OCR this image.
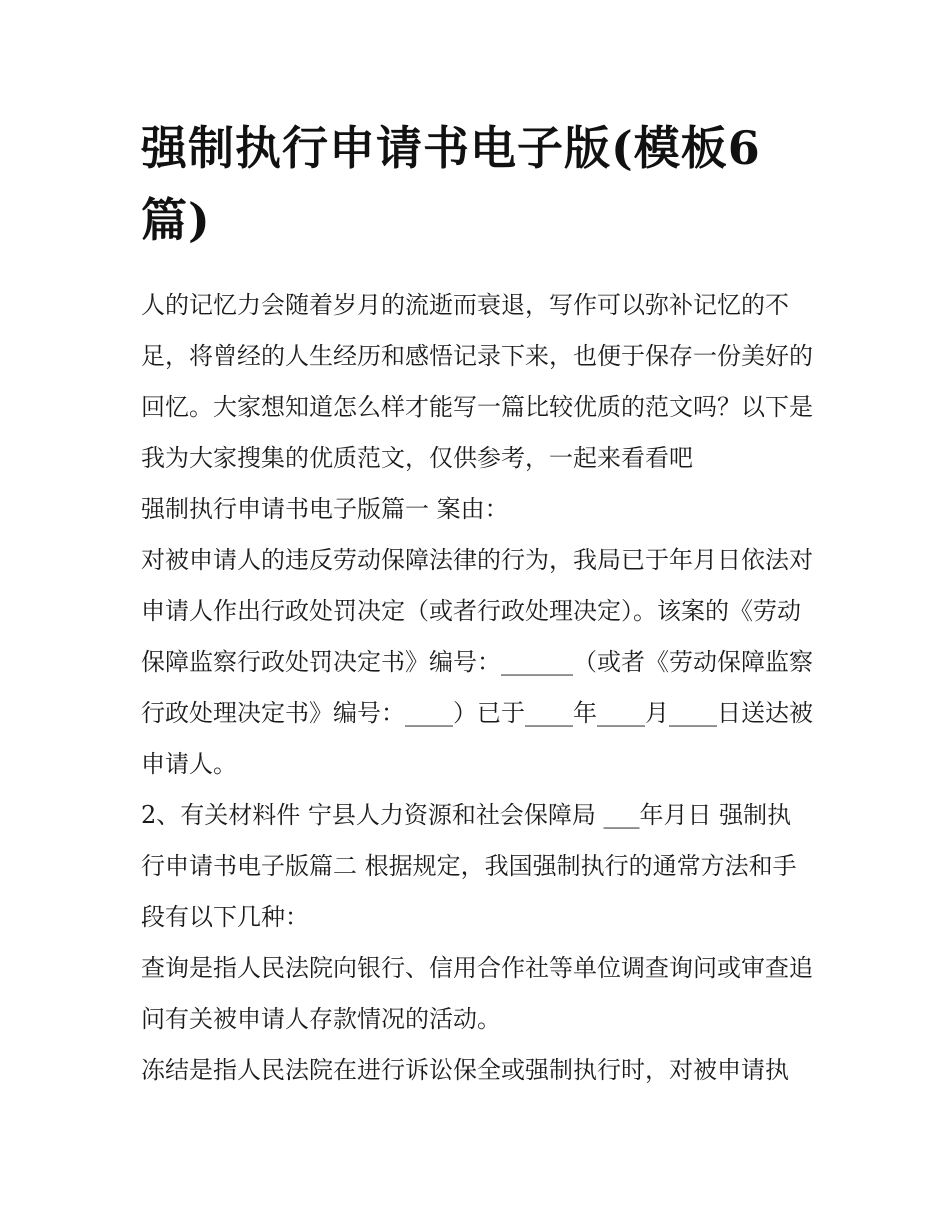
强制执行申请书电子版(模板6篇)

人的记忆力会随着岁月的流逝而衰退，写作可以弥补记忆的不足，将曾经的人生经历和感悟记录下来，也便于保存一份美好的回忆。大家想知道怎么样才能写一篇比较优质的范文吗？以下是我为大家搜集的优质范文，仅供参考，一起来看看吧

强制执行申请书电子版篇一 案由：

对被申请人的违反劳动保障法律的行为，我局已于年月日依法对申请人作出行政处罚决定（或者行政处理决定）。该案的《劳动保障监察行政处罚决定书》编号：______（或者《劳动保障监察行政处理决定书》编号：____）已于____年____月____日送达被申请人。

2、有关材料件 宁县人力资源和社会保障局 ___年月日 强制执行申请书电子版篇二 根据规定，我国强制执行的通常方法和手段有以下几种：

查询是指人民法院向银行、信用合作社等单位调查询问或审查追问有关被申请人存款情况的活动。

冻结是指人民法院在进行诉讼保全或强制执行时，对被申请执
